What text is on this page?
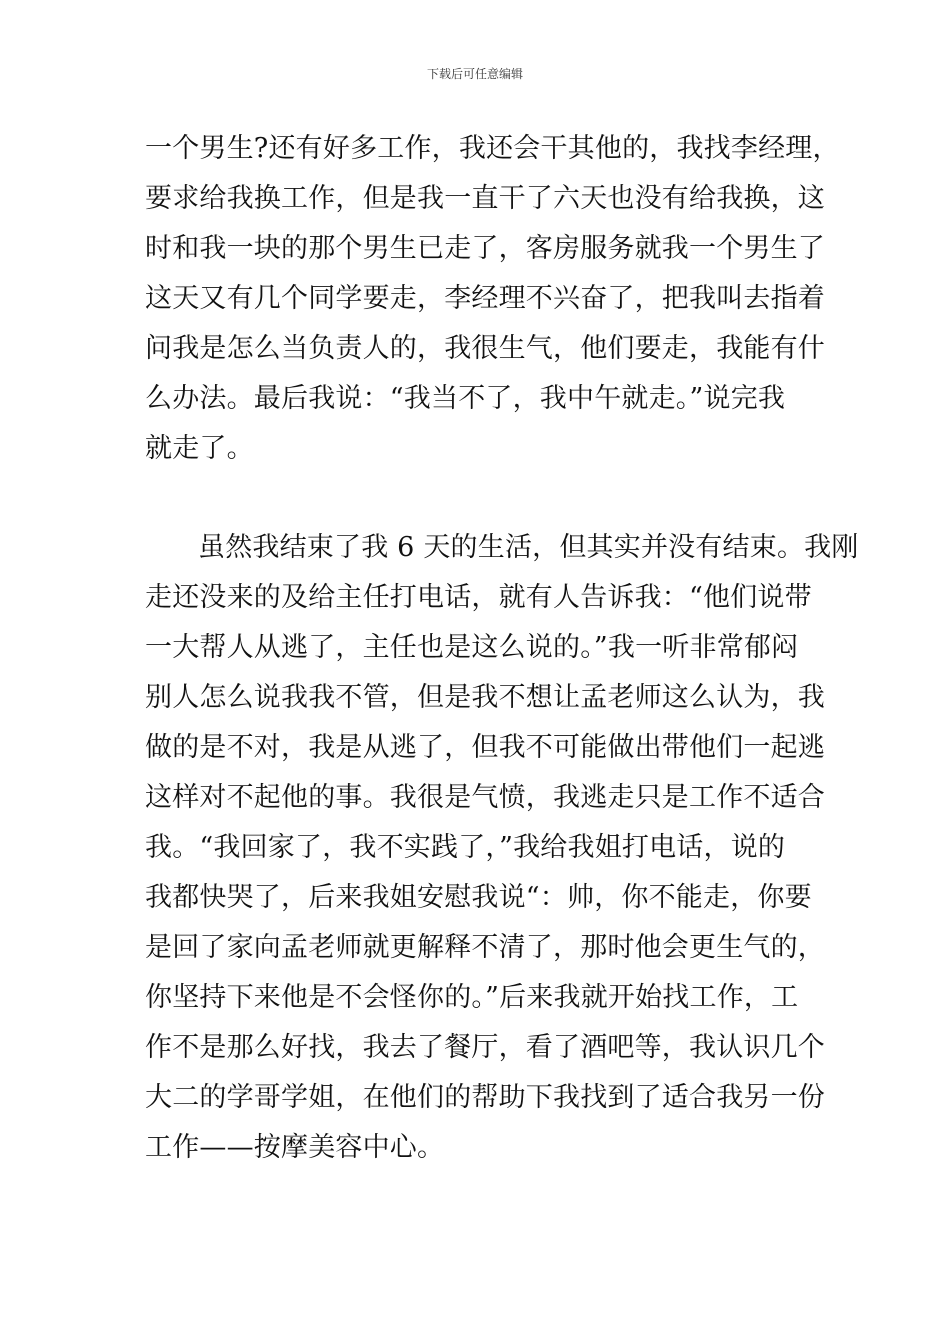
下载后可任意编辑
一个男生?还有好多工作，我还会干其他的，我找李经理，
要求给我换工作，但是我一直干了六天也没有给我换，这
时和我一块的那个男生已走了，客房服务就我一个男生了
这天又有几个同学要走，李经理不兴奋了，把我叫去指着
问我是怎么当负责人的，我很生气，他们要走，我能有什
么办法。最后我说：“我当不了，我中午就走。”说完我
就走了。
虽然我结束了我 6 天的生活，但其实并没有结束。我刚
走还没来的及给主任打电话，就有人告诉我：“他们说带
一大帮人从逃了，主任也是这么说的。”我一听非常郁闷
别人怎么说我我不管，但是我不想让孟老师这么认为，我
做的是不对，我是从逃了，但我不可能做出带他们一起逃
这样对不起他的事。我很是气愤，我逃走只是工作不适合
我。“我回家了，我不实践了，”我给我姐打电话，说的
我都快哭了，后来我姐安慰我说“：帅，你不能走，你要
是回了家向孟老师就更解释不清了，那时他会更生气的，
你坚持下来他是不会怪你的。”后来我就开始找工作，工
作不是那么好找，我去了餐厅，看了酒吧等，我认识几个
大二的学哥学姐，在他们的帮助下我找到了适合我另一份
工作——按摩美容中心。
